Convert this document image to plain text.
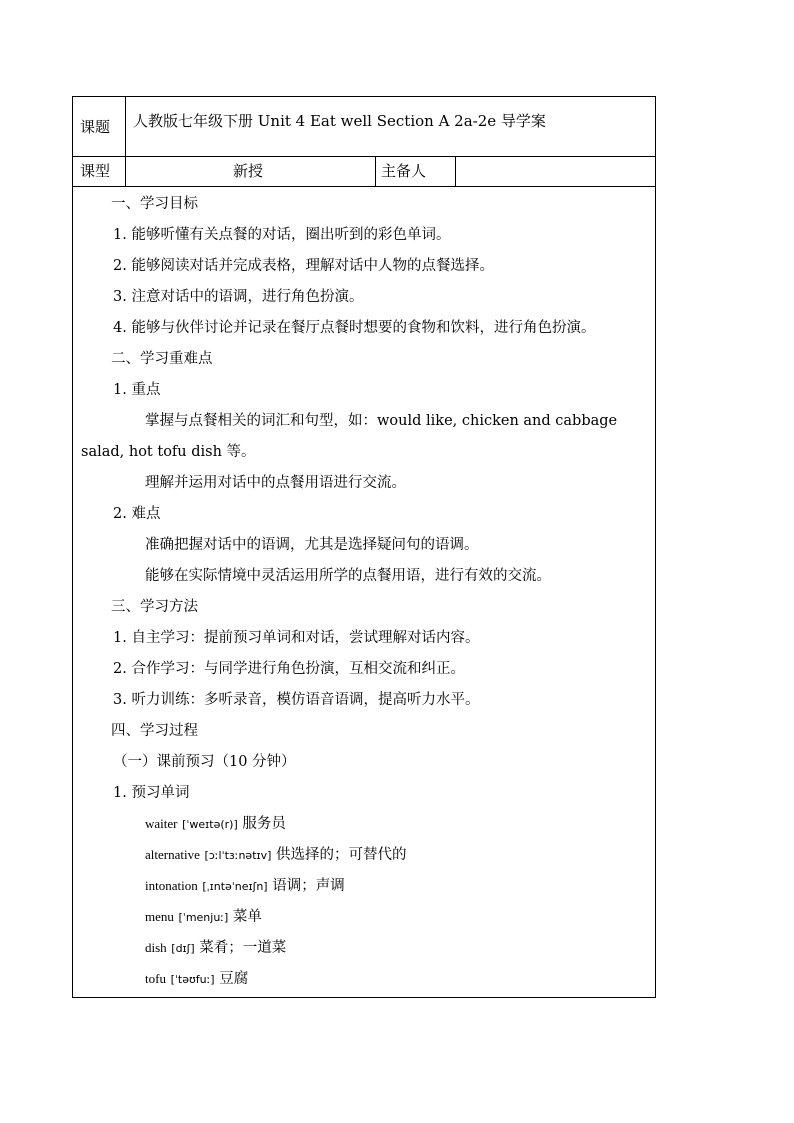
课题 人教版七年级下册 Unit 4 Eat well Section A 2a-2e 导学案
课型	新授	主备人
一、学习目标
1. 能够听懂有关点餐的对话，圈出听到的彩色单词。
2. 能够阅读对话并完成表格，理解对话中人物的点餐选择。
3. 注意对话中的语调，进行角色扮演。
4. 能够与伙伴讨论并记录在餐厅点餐时想要的食物和饮料，进行角色扮演。
二、学习重难点
1. 重点
掌握与点餐相关的词汇和句型，如：would like, chicken and cabbage
salad, hot tofu dish 等。
理解并运用对话中的点餐用语进行交流。
2. 难点
准确把握对话中的语调，尤其是选择疑问句的语调。
能够在实际情境中灵活运用所学的点餐用语，进行有效的交流。
三、学习方法
1. 自主学习：提前预习单词和对话，尝试理解对话内容。
2. 合作学习：与同学进行角色扮演，互相交流和纠正。
3. 听力训练：多听录音，模仿语音语调，提高听力水平。
四、学习过程
（一）课前预习（10 分钟）
1. 预习单词
waiter [ˈweɪtə(r)] 服务员
alternative [ɔːlˈtɜːnətɪv] 供选择的；可替代的
intonation [ˌɪntəˈneɪʃn] 语调；声调
menu [ˈmenjuː] 菜单
dish [dɪʃ] 菜肴；一道菜
tofu [ˈtəʊfuː] 豆腐
